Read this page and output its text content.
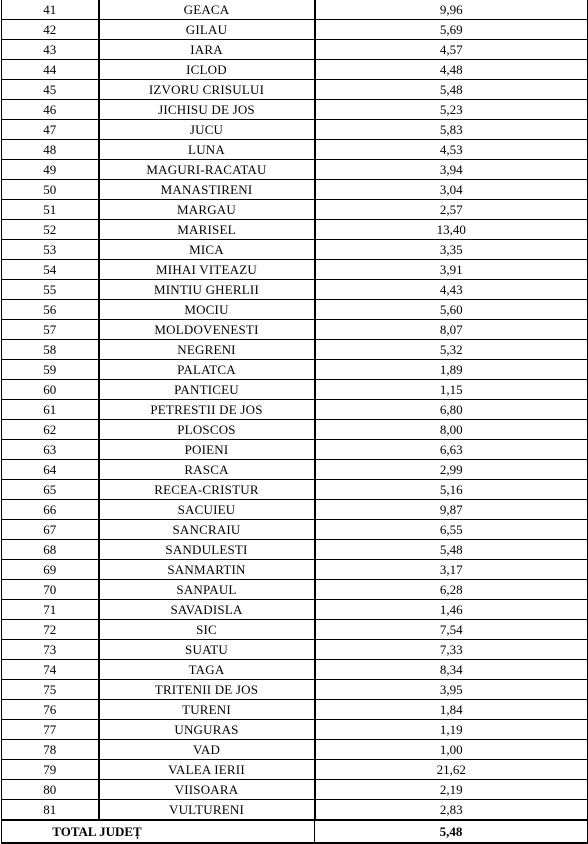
41	GEACA	9,96
42	GILAU	5,69
43	IARA	4,57
44	ICLOD	4,48
45	IZVORU CRISULUI	5,48
46	JICHISU DE JOS	5,23
47	JUCU	5,83
48	LUNA	4,53
49	MAGURI-RACATAU	3,94
50	MANASTIRENI	3,04
51	MARGAU	2,57
52	MARISEL	13,40
53	MICA	3,35
54	MIHAI VITEAZU	3,91
55	MINTIU GHERLII	4,43
56	MOCIU	5,60
57	MOLDOVENESTI	8,07
58	NEGRENI	5,32
59	PALATCA	1,89
60	PANTICEU	1,15
61	PETRESTII DE JOS	6,80
62	PLOSCOS	8,00
63	POIENI	6,63
64	RASCA	2,99
65	RECEA-CRISTUR	5,16
66	SACUIEU	9,87
67	SANCRAIU	6,55
68	SANDULESTI	5,48
69	SANMARTIN	3,17
70	SANPAUL	6,28
71	SAVADISLA	1,46
72	SIC	7,54
73	SUATU	7,33
74	TAGA	8,34
75	TRITENII DE JOS	3,95
76	TURENI	1,84
77	UNGURAS	1,19
78	VAD	1,00
79	VALEA IERII	21,62
80	VIISOARA	2,19
81	VULTURENI	2,83
TOTAL JUDEȚ		5,48
